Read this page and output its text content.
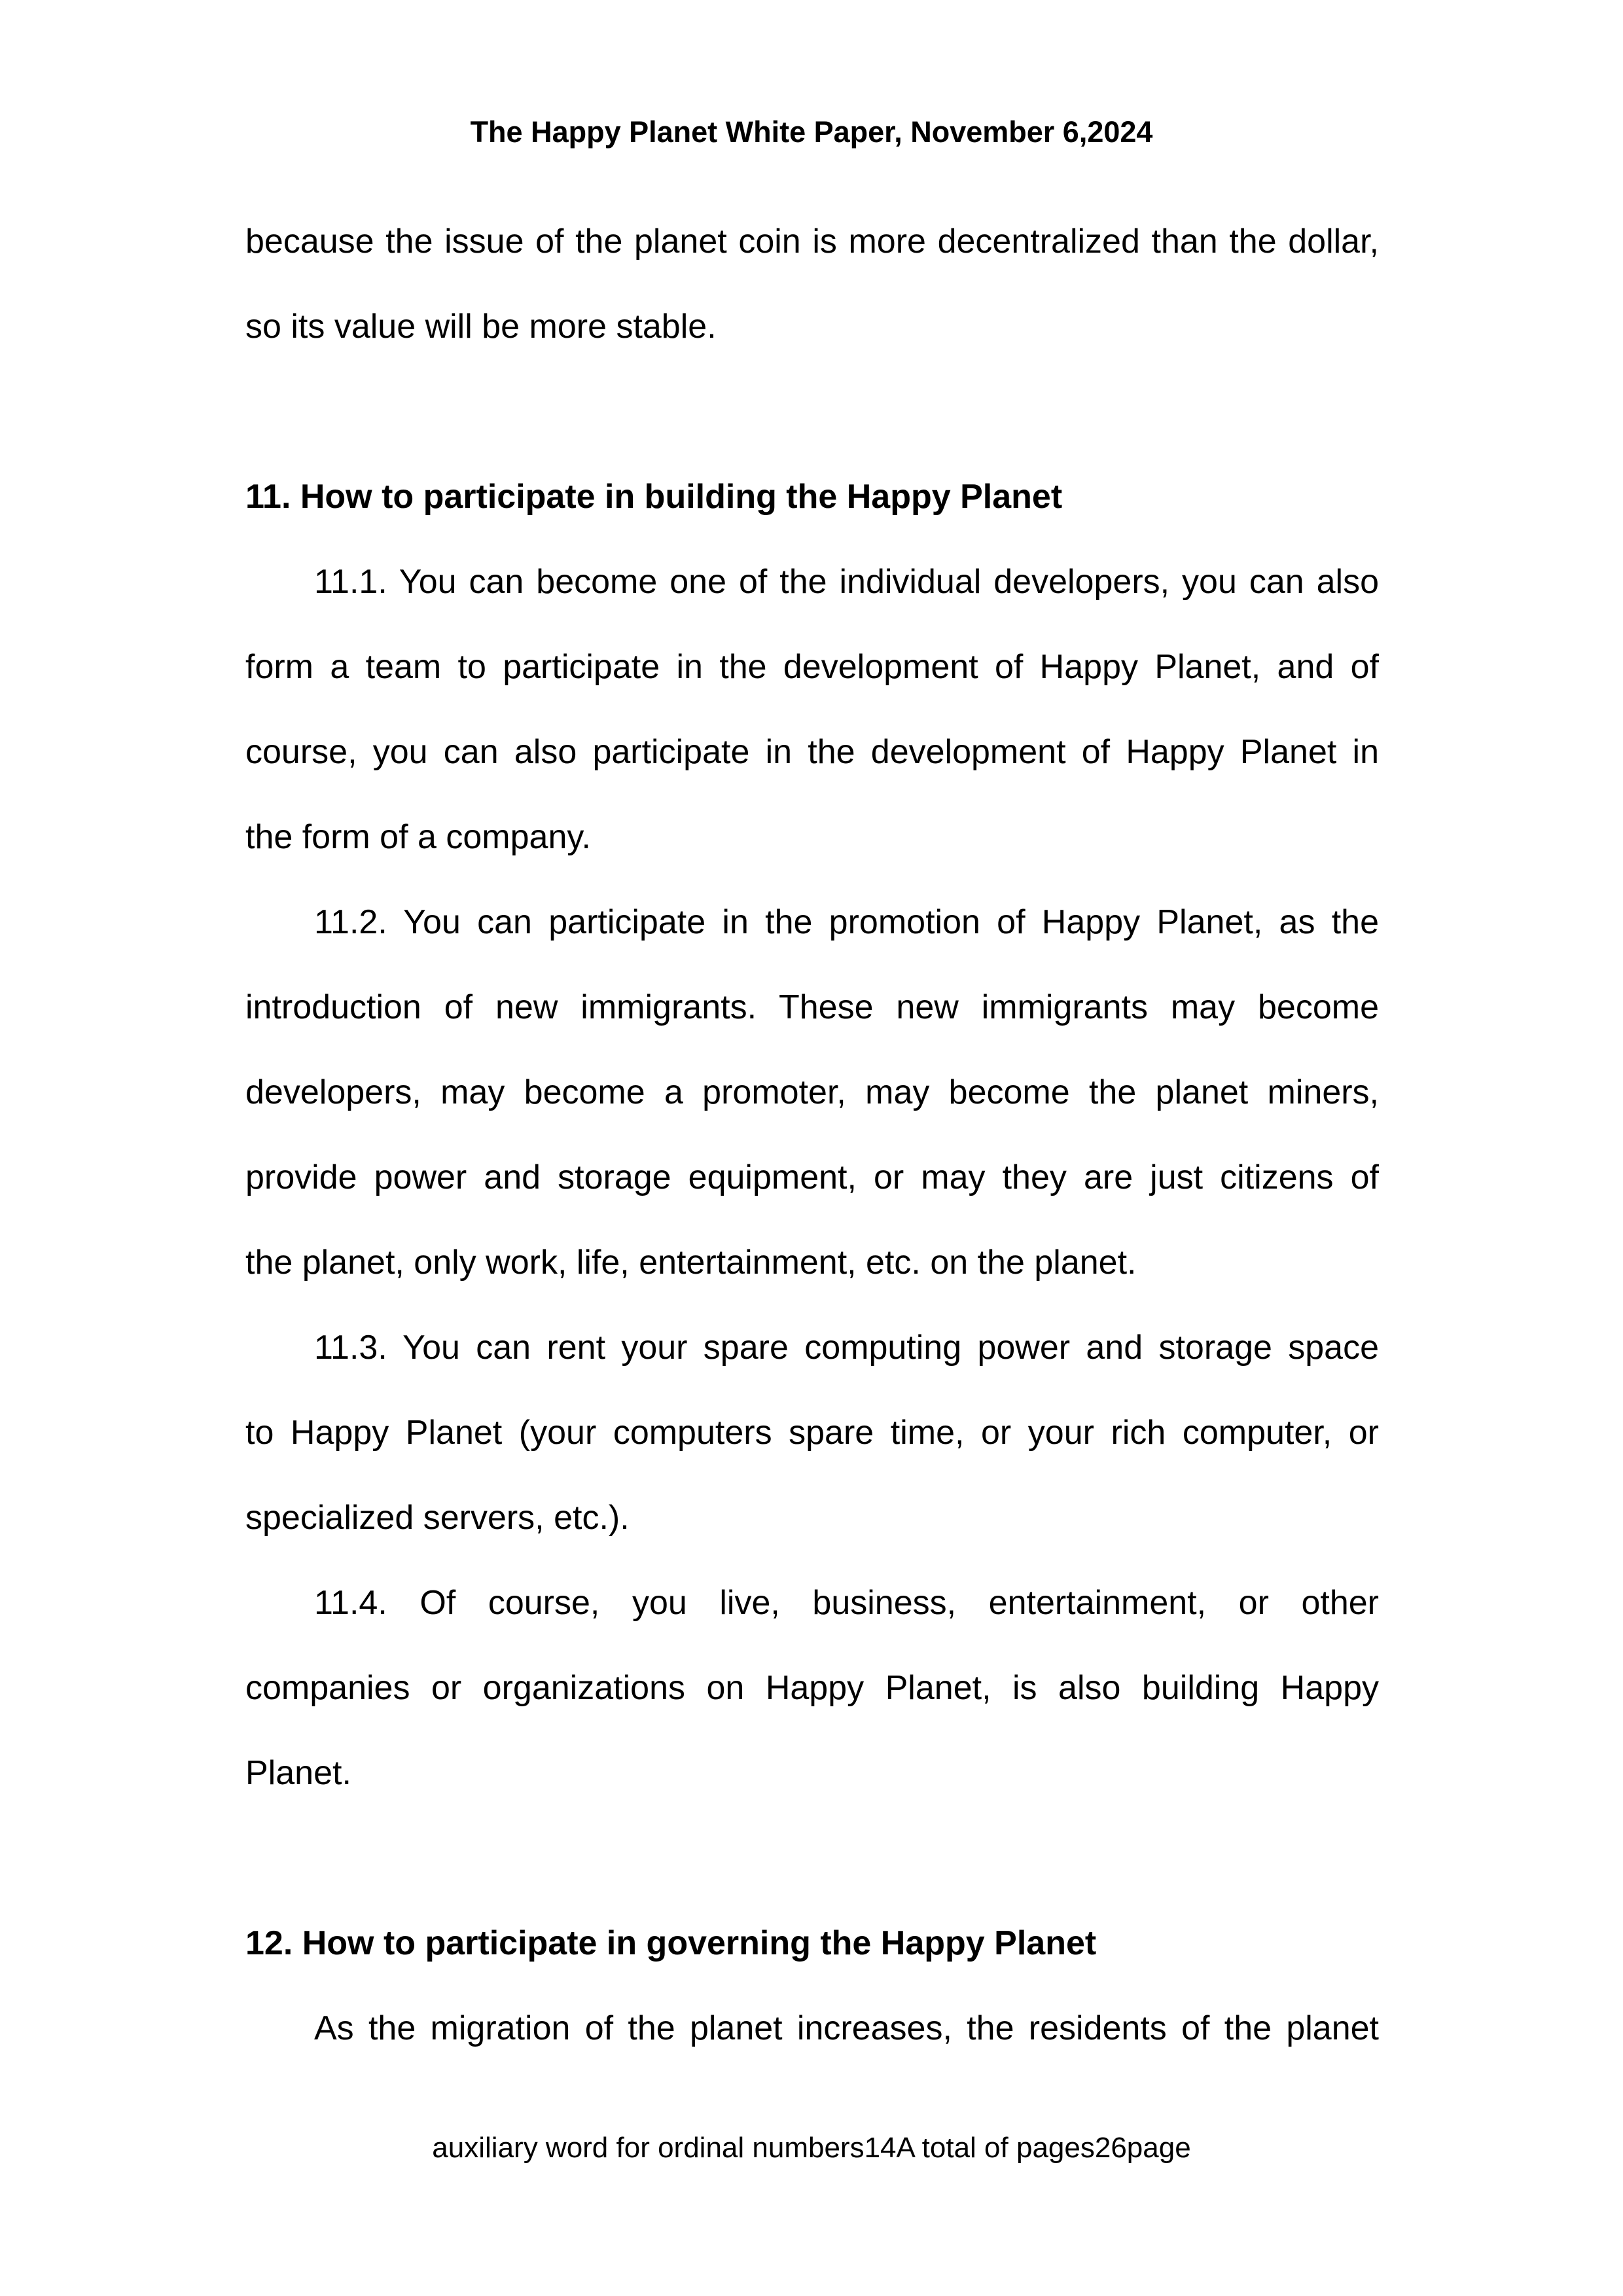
The Happy Planet White Paper, November 6,2024
because the issue of the planet coin is more decentralized than the dollar,
so its value will be more stable.
11. How to participate in building the Happy Planet
11.1. You can become one of the individual developers, you can also
form a team to participate in the development of Happy Planet, and of
course, you can also participate in the development of Happy Planet in
the form of a company.
11.2. You can participate in the promotion of Happy Planet, as the
introduction of new immigrants. These new immigrants may become
developers, may become a promoter, may become the planet miners,
provide power and storage equipment, or may they are just citizens of
the planet, only work, life, entertainment, etc. on the planet.
11.3. You can rent your spare computing power and storage space
to Happy Planet (your computers spare time, or your rich computer, or
specialized servers, etc.).
11.4. Of course, you live, business, entertainment, or other
companies or organizations on Happy Planet, is also building Happy
Planet.
12. How to participate in governing the Happy Planet
As the migration of the planet increases, the residents of the planet
auxiliary word for ordinal numbers14A total of pages26page
